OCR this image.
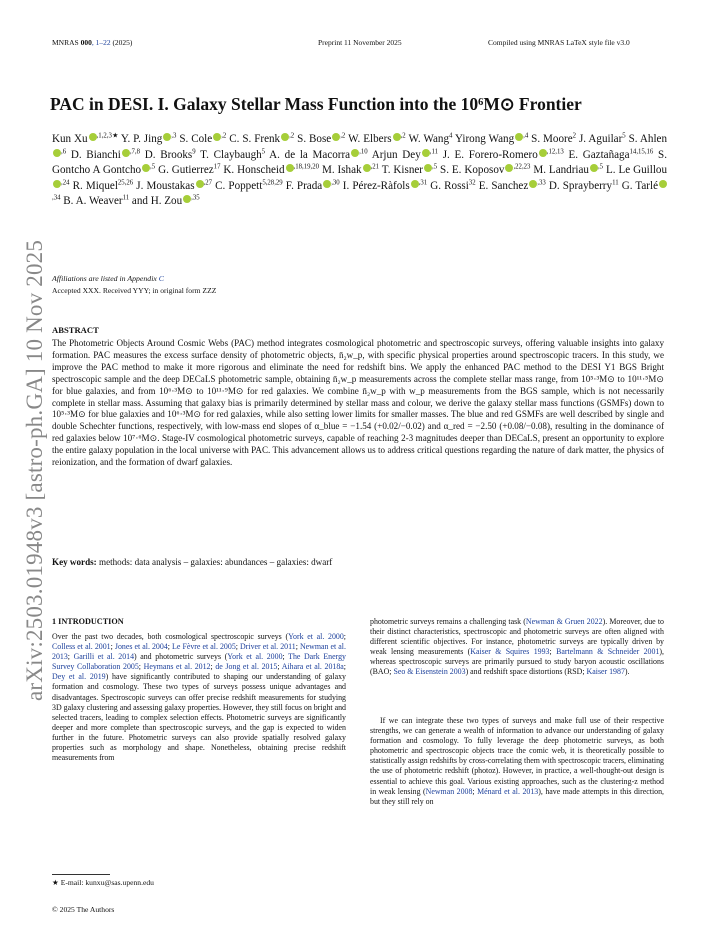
MNRAS 000, 1–22 (2025)	Preprint 11 November 2025	Compiled using MNRAS LaTeX style file v3.0
arXiv:2503.01948v3 [astro-ph.GA] 10 Nov 2025
PAC in DESI. I. Galaxy Stellar Mass Function into the 10⁶M⊙ Frontier
Kun Xu $^{,1,2,3★}$ Y. P. Jing $^{,3}$ S. Cole $^{,2}$ C. S. Frenk $^{,2}$ S. Bose $^{,2}$ W. Elbers $^{,2}$ W. Wang$^4$ Yirong Wang $^{,4}$ S. Moore$^2$ J. Aguilar$^5$ S. Ahlen$^{,6}$ D. Bianchi $^{,7,8}$ D. Brooks$^9$ T. Claybaugh$^5$ A. de la Macorra $^{,10}$ Arjun Dey $^{,11}$ J. E. Forero-Romero $^{,12,13}$ E. Gaztañaga$^{14,15,16}$ S. Gontcho A Gontcho $^{,5}$ G. Gutierrez$^{17}$ K. Honscheid $^{,18,19,20}$ M. Ishak $^{,21}$ T. Kisner $^{,5}$ S. E. Koposov $^{,22,23}$ M. Landriau $^{,5}$ L. Le Guillou$^{,24}$ R. Miquel$^{25,26}$ J. Moustakas $^{,27}$ C. Poppett$^{5,28,29}$ F. Prada $^{,30}$ I. Pérez-Ràfols $^{,31}$ G. Rossi$^{32}$ E. Sanchez $^{,33}$ D. Sprayberry$^{11}$ G. Tarlé$^{,34}$ B. A. Weaver$^{11}$ and H. Zou $^{,35}$
Affiliations are listed in Appendix C
Accepted XXX. Received YYY; in original form ZZZ
ABSTRACT
The Photometric Objects Around Cosmic Webs (PAC) method integrates cosmological photometric and spectroscopic surveys, offering valuable insights into galaxy formation. PAC measures the excess surface density of photometric objects, n̄₂w_p, with specific physical properties around spectroscopic tracers. In this study, we improve the PAC method to make it more rigorous and eliminate the need for redshift bins. We apply the enhanced PAC method to the DESI Y1 BGS Bright spectroscopic sample and the deep DECaLS photometric sample, obtaining n̄₂w_p measurements across the complete stellar mass range, from 10⁵·³M⊙ to 10¹¹·⁵M⊙ for blue galaxies, and from 10⁶·³M⊙ to 10¹¹·⁹M⊙ for red galaxies. We combine n̄₂w_p with w_p measurements from the BGS sample, which is not necessarily complete in stellar mass. Assuming that galaxy bias is primarily determined by stellar mass and colour, we derive the galaxy stellar mass functions (GSMFs) down to 10⁵·³M⊙ for blue galaxies and 10⁶·³M⊙ for red galaxies, while also setting lower limits for smaller masses. The blue and red GSMFs are well described by single and double Schechter functions, respectively, with low-mass end slopes of α_blue = −1.54 (+0.02/−0.02) and α_red = −2.50 (+0.08/−0.08), resulting in the dominance of red galaxies below 10⁷·⁶M⊙. Stage-IV cosmological photometric surveys, capable of reaching 2-3 magnitudes deeper than DECaLS, present an opportunity to explore the entire galaxy population in the local universe with PAC. This advancement allows us to address critical questions regarding the nature of dark matter, the physics of reionization, and the formation of dwarf galaxies.
Key words: methods: data analysis – galaxies: abundances – galaxies: dwarf
1 INTRODUCTION
Over the past two decades, both cosmological spectroscopic surveys (York et al. 2000; Colless et al. 2001; Jones et al. 2004; Le Fèvre et al. 2005; Driver et al. 2011; Newman et al. 2013; Garilli et al. 2014) and photometric surveys (York et al. 2000; The Dark Energy Survey Collaboration 2005; Heymans et al. 2012; de Jong et al. 2015; Aihara et al. 2018a; Dey et al. 2019) have significantly contributed to shaping our understanding of galaxy formation and cosmology. These two types of surveys possess unique advantages and disadvantages. Spectroscopic surveys can offer precise redshift measurements for studying 3D galaxy clustering and assessing galaxy properties. However, they still focus on bright and selected tracers, leading to complex selection effects. Photometric surveys are significantly deeper and more complete than spectroscopic surveys, and the gap is expected to widen further in the future. Photometric surveys can also provide spatially resolved galaxy properties such as morphology and shape. Nonetheless, obtaining precise redshift measurements from
photometric surveys remains a challenging task (Newman & Gruen 2022). Moreover, due to their distinct characteristics, spectroscopic and photometric surveys are often aligned with different scientific objectives. For instance, photometric surveys are typically driven by weak lensing measurements (Kaiser & Squires 1993; Bartelmann & Schneider 2001), whereas spectroscopic surveys are primarily pursued to study baryon acoustic oscillations (BAO; Seo & Eisenstein 2003) and redshift space distortions (RSD; Kaiser 1987).
If we can integrate these two types of surveys and make full use of their respective strengths, we can generate a wealth of information to advance our understanding of galaxy formation and cosmology. To fully leverage the deep photometric surveys, as both photometric and spectroscopic objects trace the comic web, it is theoretically possible to statistically assign redshifts by cross-correlating them with spectroscopic tracers, eliminating the use of photometric redshift (photoz). However, in practice, a well-thought-out design is essential to achieve this goal. Various existing approaches, such as the clustering-z method in weak lensing (Newman 2008; Ménard et al. 2013), have made attempts in this direction, but they still rely on
★ E-mail: kunxu@sas.upenn.edu
© 2025 The Authors
